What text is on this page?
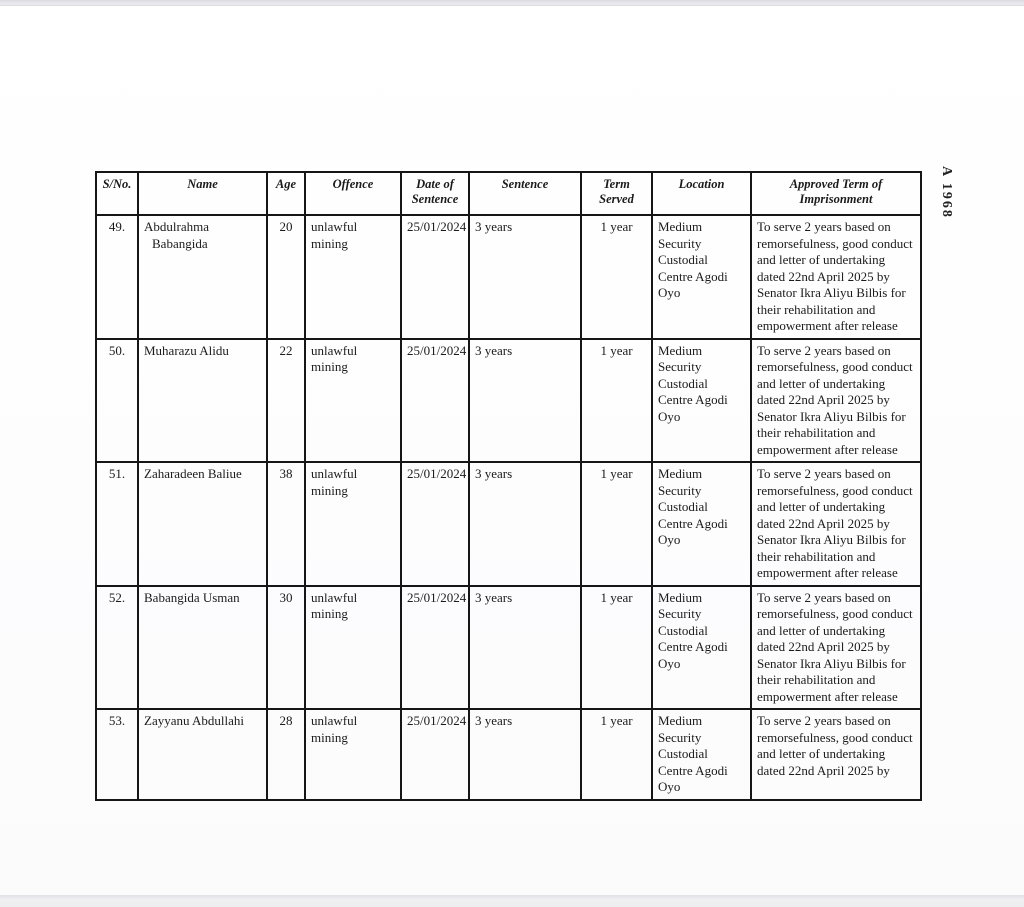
A 1968
S/No.	Name	Age	Offence	Date of Sentence	Sentence	Term Served	Location	Approved Term of Imprisonment
49.	Abdulrahma Babangida	20	unlawful mining	25/01/2024	3 years	1 year	Medium Security Custodial Centre Agodi Oyo	To serve 2 years based on remorsefulness, good conduct and letter of undertaking dated 22nd April 2025 by Senator Ikra Aliyu Bilbis for their rehabilitation and empowerment after release
50.	Muharazu Alidu	22	unlawful mining	25/01/2024	3 years	1 year	Medium Security Custodial Centre Agodi Oyo	To serve 2 years based on remorsefulness, good conduct and letter of undertaking dated 22nd April 2025 by Senator Ikra Aliyu Bilbis for their rehabilitation and empowerment after release
51.	Zaharadeen Baliue	38	unlawful mining	25/01/2024	3 years	1 year	Medium Security Custodial Centre Agodi Oyo	To serve 2 years based on remorsefulness, good conduct and letter of undertaking dated 22nd April 2025 by Senator Ikra Aliyu Bilbis for their rehabilitation and empowerment after release
52.	Babangida Usman	30	unlawful mining	25/01/2024	3 years	1 year	Medium Security Custodial Centre Agodi Oyo	To serve 2 years based on remorsefulness, good conduct and letter of undertaking dated 22nd April 2025 by Senator Ikra Aliyu Bilbis for their rehabilitation and empowerment after release
53.	Zayyanu Abdullahi	28	unlawful mining	25/01/2024	3 years	1 year	Medium Security Custodial Centre Agodi Oyo	To serve 2 years based on remorsefulness, good conduct and letter of undertaking dated 22nd April 2025 by
